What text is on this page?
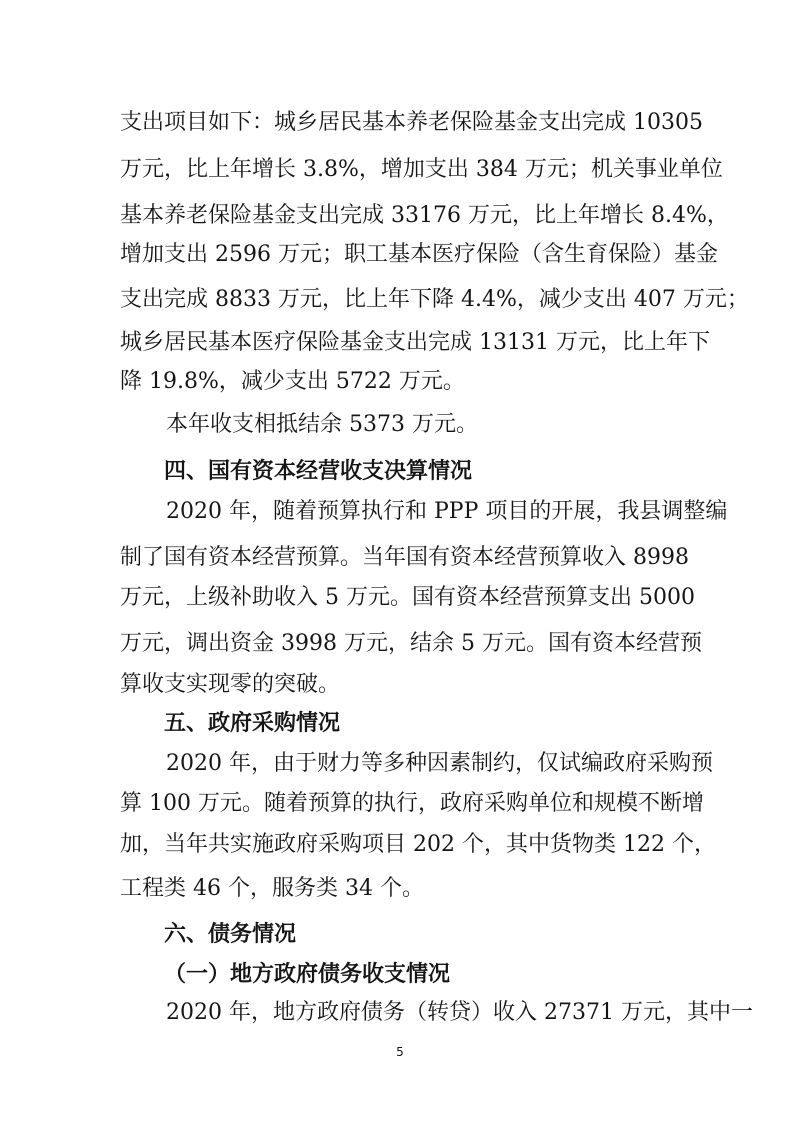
支出项目如下：城乡居民基本养老保险基金支出完成 10305
万元，比上年增长 3.8%，增加支出 384 万元；机关事业单位
基本养老保险基金支出完成 33176 万元，比上年增长 8.4%，
增加支出 2596 万元；职工基本医疗保险（含生育保险）基金
支出完成 8833 万元，比上年下降 4.4%，减少支出 407 万元；
城乡居民基本医疗保险基金支出完成 13131 万元，比上年下
降 19.8%，减少支出 5722 万元。
本年收支相抵结余 5373 万元。
四、国有资本经营收支决算情况
2020 年，随着预算执行和 PPP 项目的开展，我县调整编
制了国有资本经营预算。当年国有资本经营预算收入 8998
万元，上级补助收入 5 万元。国有资本经营预算支出 5000
万元，调出资金 3998 万元，结余 5 万元。国有资本经营预
算收支实现零的突破。
五、政府采购情况
2020 年，由于财力等多种因素制约，仅试编政府采购预
算 100 万元。随着预算的执行，政府采购单位和规模不断增
加，当年共实施政府采购项目 202 个，其中货物类 122 个，
工程类 46 个，服务类 34 个。
六、债务情况
（一）地方政府债务收支情况
2020 年，地方政府债务（转贷）收入 27371 万元，其中一
5
